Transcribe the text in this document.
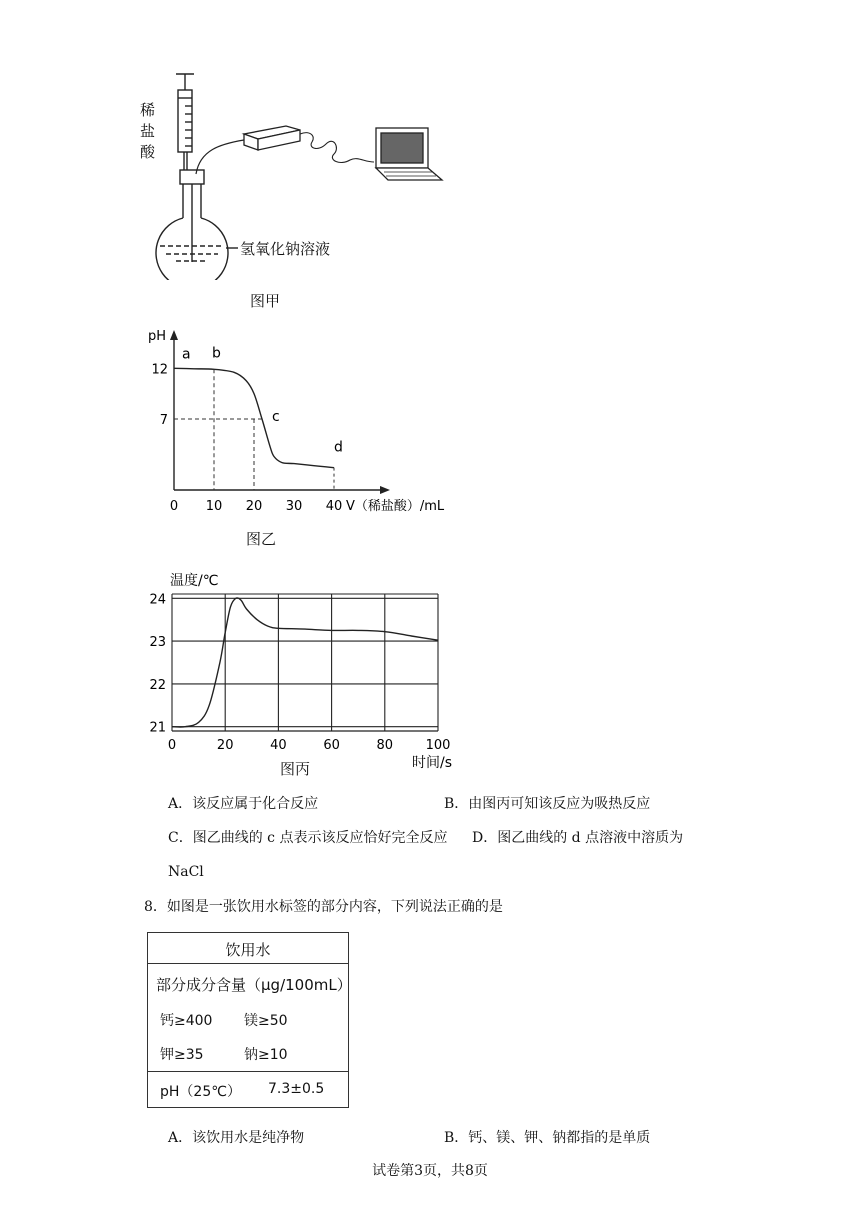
稀
盐
酸
氢氧化钠溶液
图甲
pH
V（稀盐酸）/mL
0 10 20 30 40
7
12
a b
c
d
图乙
温度/℃
时间/s
0	20	40	60	80	100
21
22
23
24
图丙
A．该反应属于化合反应	B．由图丙可知该反应为吸热反应
C．图乙曲线的 c 点表示该反应恰好完全反应 D．图乙曲线的 d 点溶液中溶质为
NaCl
8．如图是一张饮用水标签的部分内容，下列说法正确的是
饮用水
部分成分含量（μg/100mL）
钙≥400 镁≥50
钾≥35	钠≥10
pH（25℃） 7.3±0.5
A．该饮用水是纯净物	B．钙、镁、钾、钠都指的是单质
试卷第3页，共8页
